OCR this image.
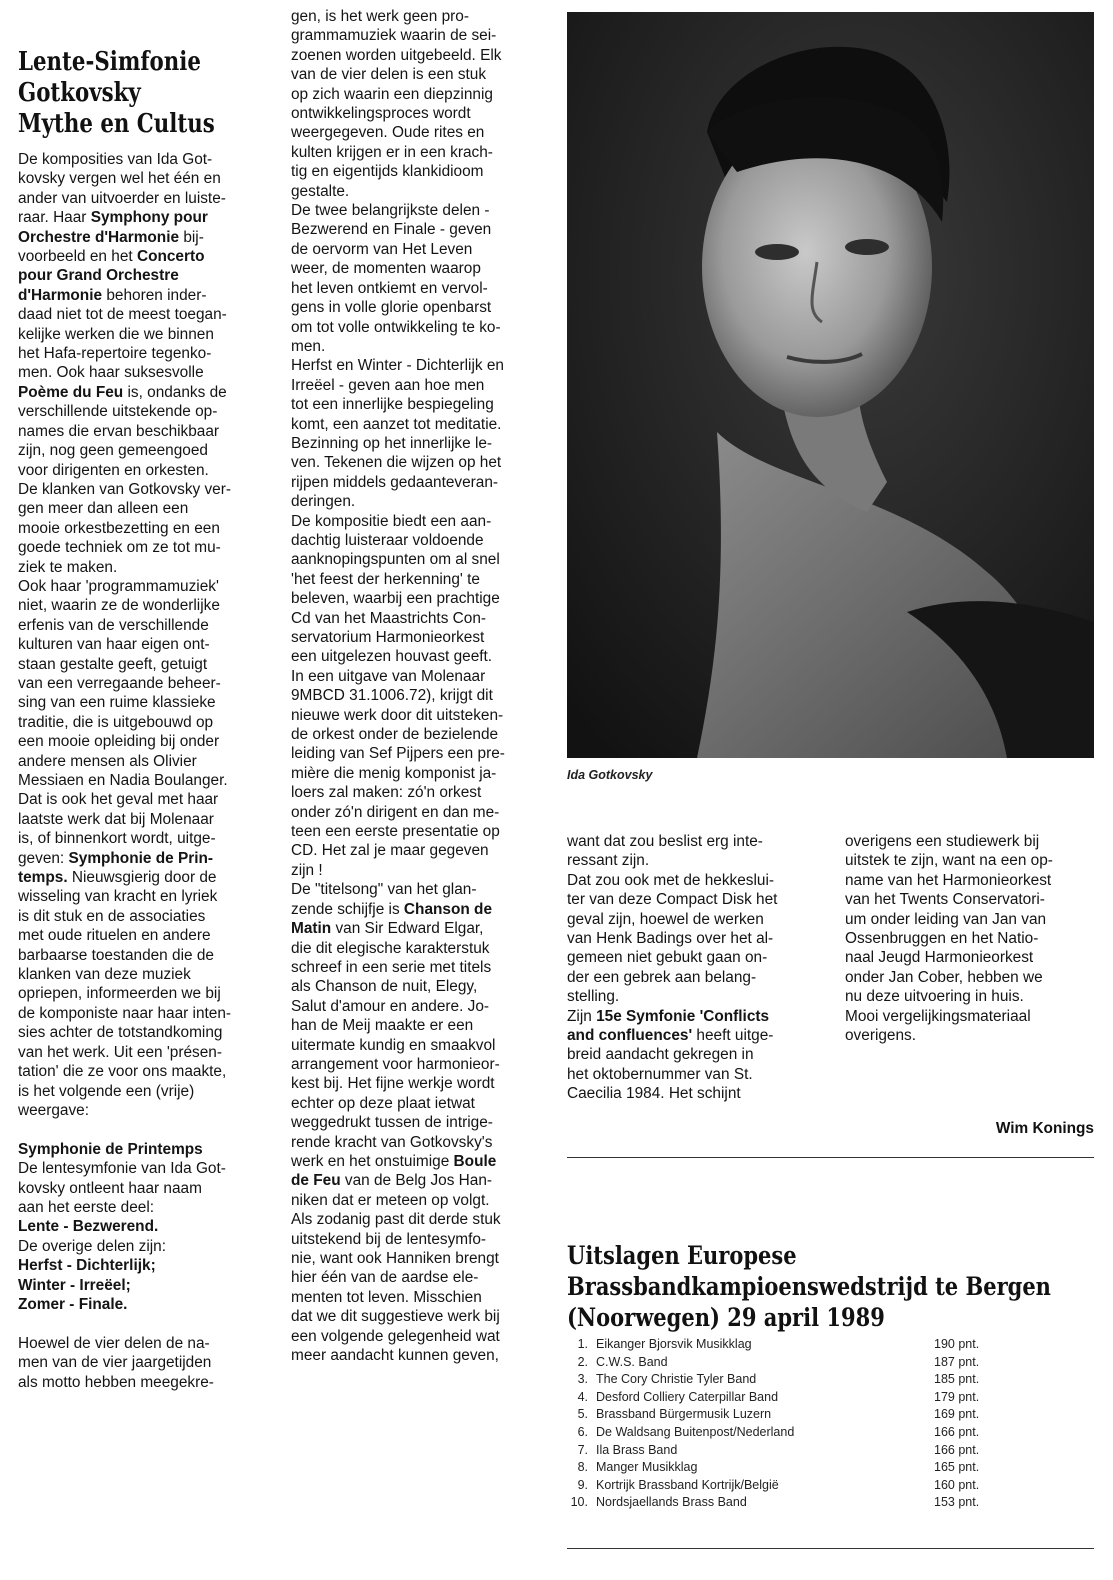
Lente-Simfonie
Gotkovsky
Mythe en Cultus
De komposities van Ida Got-
kovsky vergen wel het één en
ander van uitvoerder en luiste-
raar. Haar Symphony pour
Orchestre d'Harmonie bij-
voorbeeld en het Concerto
pour Grand Orchestre
d'Harmonie behoren inder-
daad niet tot de meest toegan-
kelijke werken die we binnen
het Hafa-repertoire tegenko-
men. Ook haar suksesvolle
Poème du Feu is, ondanks de
verschillende uitstekende op-
names die ervan beschikbaar
zijn, nog geen gemeengoed
voor dirigenten en orkesten.
De klanken van Gotkovsky ver-
gen meer dan alleen een
mooie orkestbezetting en een
goede techniek om ze tot mu-
ziek te maken.
Ook haar 'programmamuziek'
niet, waarin ze de wonderlijke
erfenis van de verschillende
kulturen van haar eigen ont-
staan gestalte geeft, getuigt
van een verregaande beheer-
sing van een ruime klassieke
traditie, die is uitgebouwd op
een mooie opleiding bij onder
andere mensen als Olivier
Messiaen en Nadia Boulanger.
Dat is ook het geval met haar
laatste werk dat bij Molenaar
is, of binnenkort wordt, uitge-
geven: Symphonie de Prin-
temps. Nieuwsgierig door de
wisseling van kracht en lyriek
is dit stuk en de associaties
met oude rituelen en andere
barbaarse toestanden die de
klanken van deze muziek
opriepen, informeerden we bij
de komponiste naar haar inten-
sies achter de totstandkoming
van het werk. Uit een 'présen-
tation' die ze voor ons maakte,
is het volgende een (vrije)
weergave:

Symphonie de Printemps
De lentesymfonie van Ida Got-
kovsky ontleent haar naam
aan het eerste deel:
Lente - Bezwerend.
De overige delen zijn:
Herfst - Dichterlijk;
Winter - Irreëel;
Zomer - Finale.

Hoewel de vier delen de na-
men van de vier jaargetijden
als motto hebben meegekre-
gen, is het werk geen pro-
grammamuziek waarin de sei-
zoenen worden uitgebeeld. Elk
van de vier delen is een stuk
op zich waarin een diepzinnig
ontwikkelingsproces wordt
weergegeven. Oude rites en
kulten krijgen er in een krach-
tig en eigentijds klankidioom
gestalte.
De twee belangrijkste delen -
Bezwerend en Finale - geven
de oervorm van Het Leven
weer, de momenten waarop
het leven ontkiemt en vervol-
gens in volle glorie openbarst
om tot volle ontwikkeling te ko-
men.
Herfst en Winter - Dichterlijk en
Irreëel - geven aan hoe men
tot een innerlijke bespiegeling
komt, een aanzet tot meditatie.
Bezinning op het innerlijke le-
ven. Tekenen die wijzen op het
rijpen middels gedaanteveran-
deringen.
De kompositie biedt een aan-
dachtig luisteraar voldoende
aanknopingspunten om al snel
'het feest der herkenning' te
beleven, waarbij een prachtige
Cd van het Maastrichts Con-
servatorium Harmonieorkest
een uitgelezen houvast geeft.
In een uitgave van Molenaar
9MBCD 31.1006.72), krijgt dit
nieuwe werk door dit uitsteken-
de orkest onder de bezielende
leiding van Sef Pijpers een pre-
mière die menig komponist ja-
loers zal maken: zó'n orkest
onder zó'n dirigent en dan me-
teen een eerste presentatie op
CD. Het zal je maar gegeven
zijn !
De "titelsong" van het glan-
zende schijfje is Chanson de
Matin van Sir Edward Elgar,
die dit elegische karakterstuk
schreef in een serie met titels
als Chanson de nuit, Elegy,
Salut d'amour en andere. Jo-
han de Meij maakte er een
uitermate kundig en smaakvol
arrangement voor harmonieor-
kest bij. Het fijne werkje wordt
echter op deze plaat ietwat
weggedrukt tussen de intrige-
rende kracht van Gotkovsky's
werk en het onstuimige Boule
de Feu van de Belg Jos Han-
niken dat er meteen op volgt.
Als zodanig past dit derde stuk
uitstekend bij de lentesymfo-
nie, want ook Hanniken brengt
hier één van de aardse ele-
menten tot leven. Misschien
dat we dit suggestieve werk bij
een volgende gelegenheid wat
meer aandacht kunnen geven,
Ida Gotkovsky
want dat zou beslist erg inte-
ressant zijn.
Dat zou ook met de hekkeslui-
ter van deze Compact Disk het
geval zijn, hoewel de werken
van Henk Badings over het al-
gemeen niet gebukt gaan on-
der een gebrek aan belang-
stelling.
Zijn 15e Symfonie 'Conflicts
and confluences' heeft uitge-
breid aandacht gekregen in
het oktobernummer van St.
Caecilia 1984. Het schijnt
overigens een studiewerk bij
uitstek te zijn, want na een op-
name van het Harmonieorkest
van het Twents Conservatori-
um onder leiding van Jan van
Ossenbruggen en het Natio-
naal Jeugd Harmonieorkest
onder Jan Cober, hebben we
nu deze uitvoering in huis.
Mooi vergelijkingsmateriaal
overigens.
Wim Konings
Uitslagen Europese
Brassbandkampioenswedstrijd te Bergen
(Noorwegen) 29 april 1989
1. Eikanger Bjorsvik Musikklag	190 pnt.
2. C.W.S. Band	187 pnt.
3. The Cory Christie Tyler Band	185 pnt.
4. Desford Colliery Caterpillar Band	179 pnt.
5. Brassband Bürgermusik Luzern	169 pnt.
6. De Waldsang Buitenpost/Nederland	166 pnt.
7. Ila Brass Band	166 pnt.
8. Manger Musikklag	165 pnt.
9. Kortrijk Brassband Kortrijk/België	160 pnt.
10. Nordsjaellands Brass Band	153 pnt.
